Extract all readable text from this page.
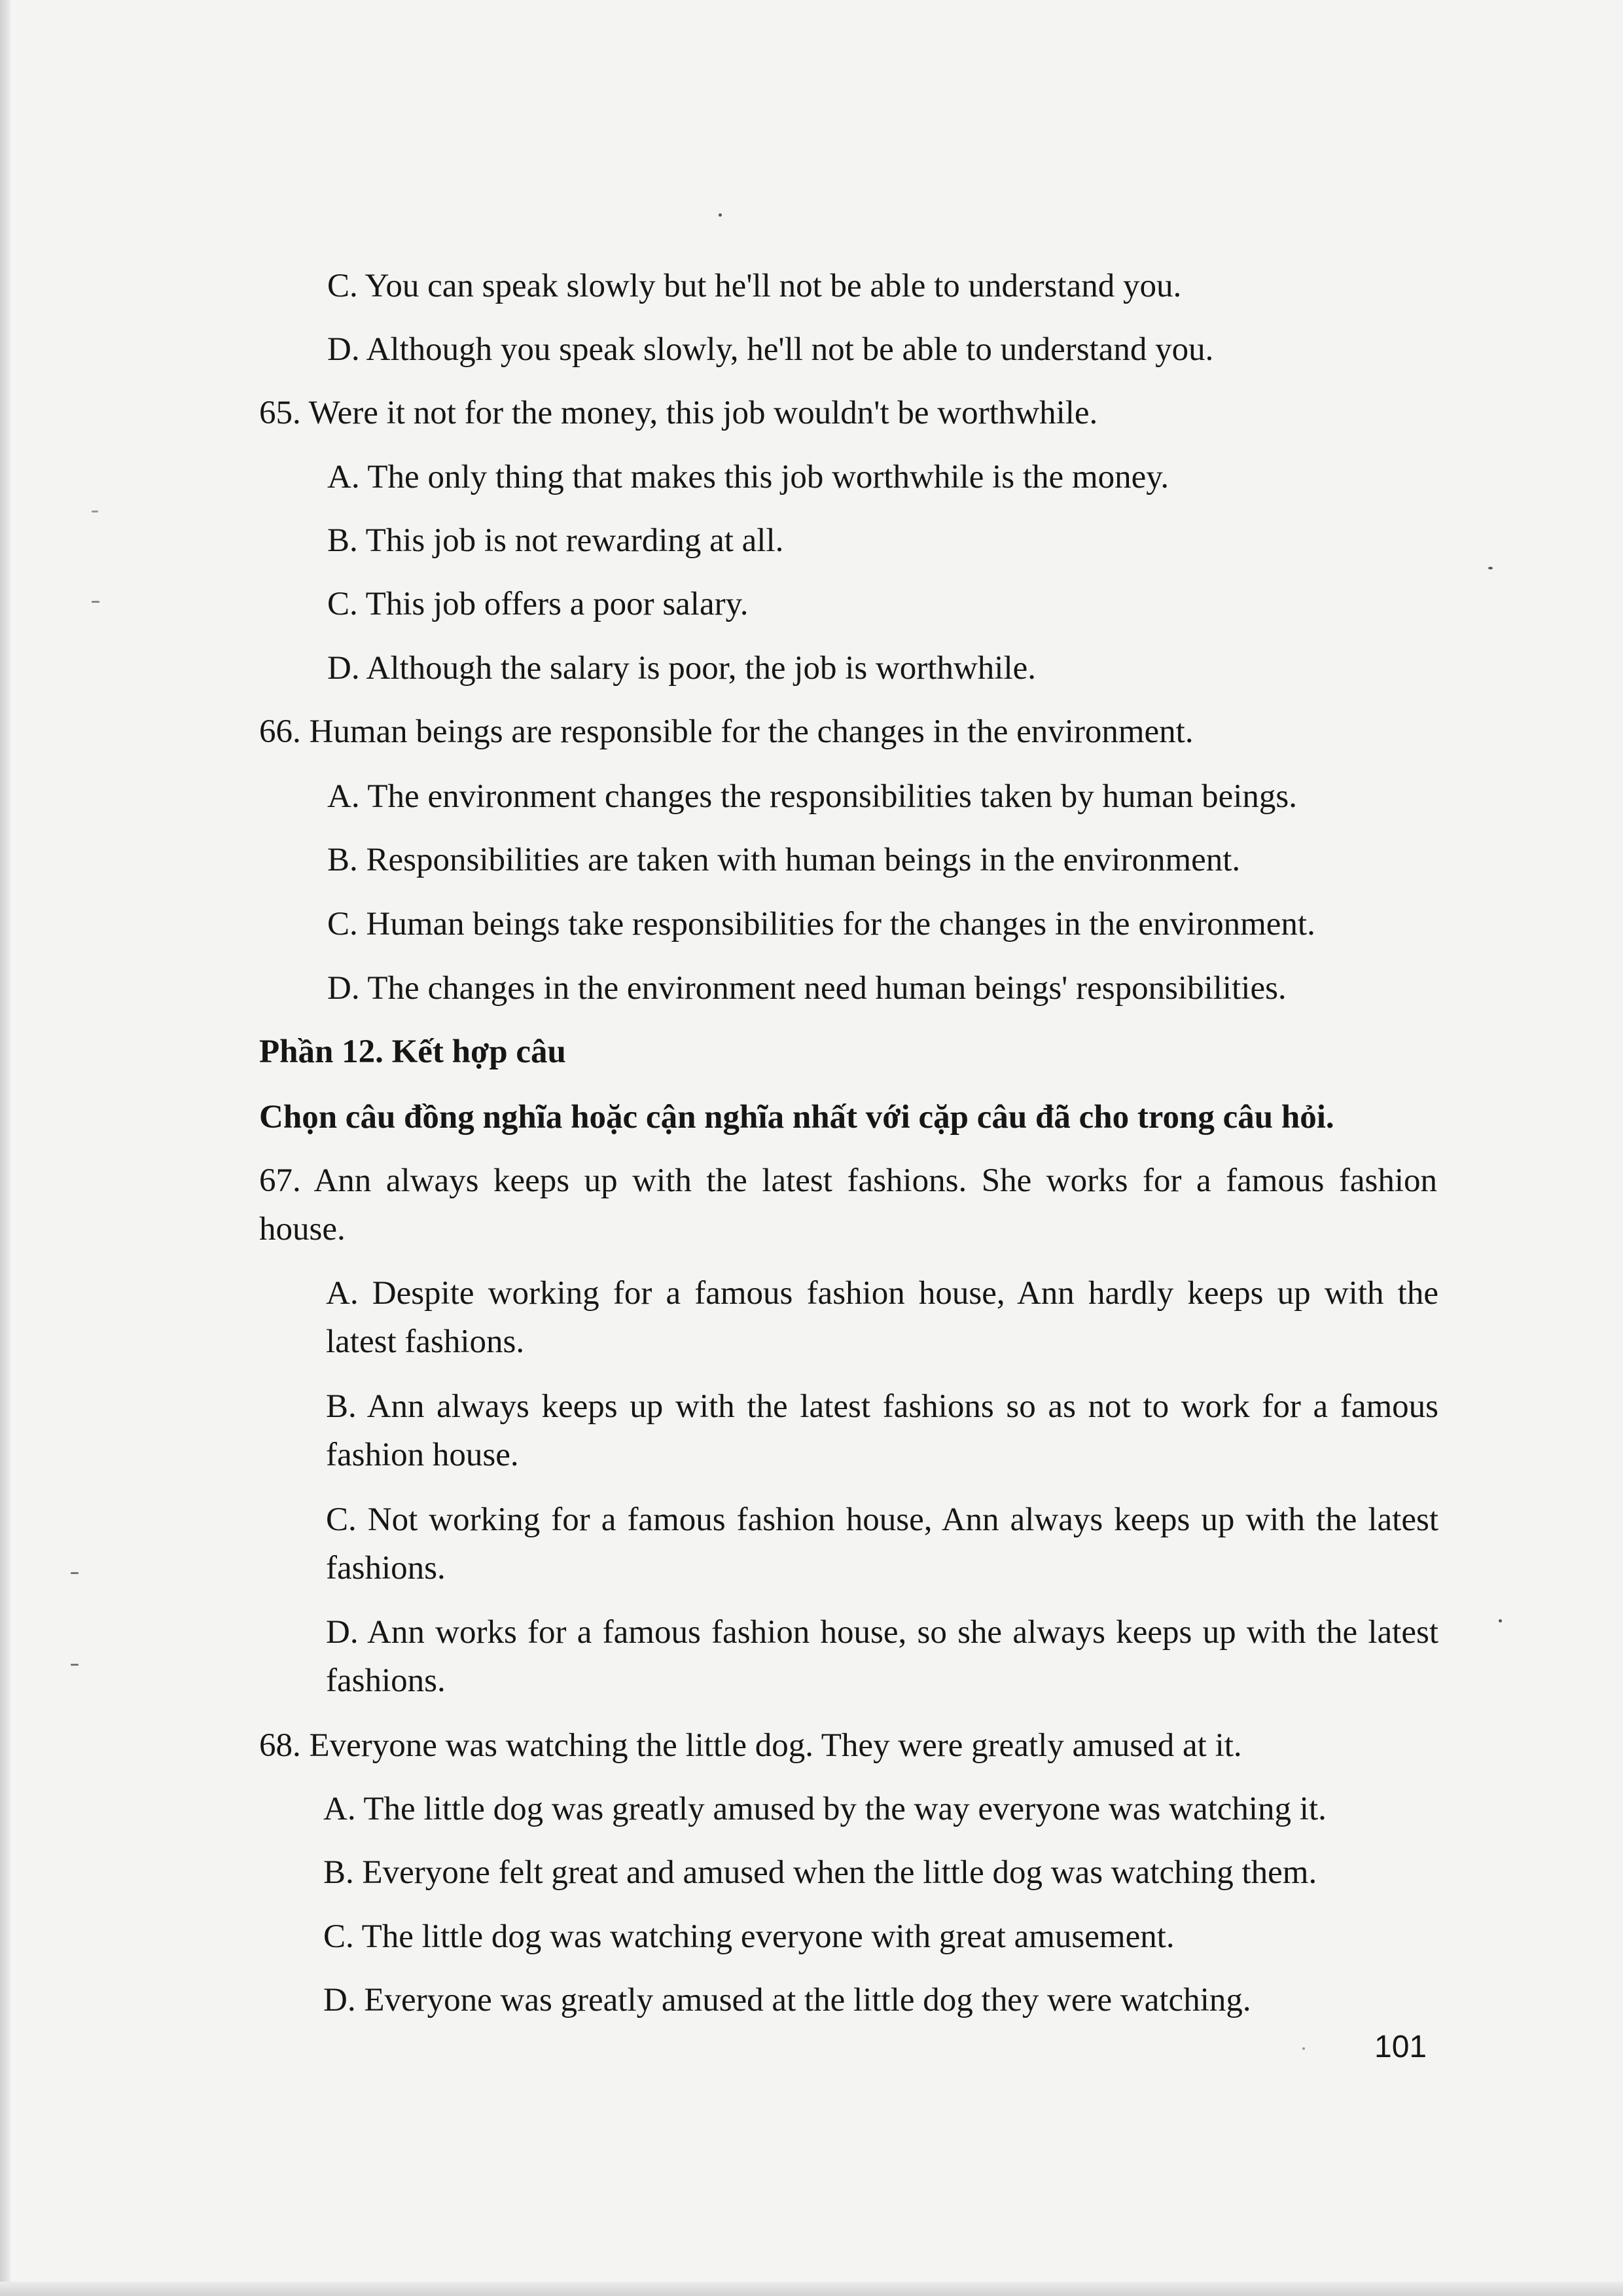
C. You can speak slowly but he'll not be able to understand you.
D. Although you speak slowly, he'll not be able to understand you.
65. Were it not for the money, this job wouldn't be worthwhile.
A. The only thing that makes this job worthwhile is the money.
B. This job is not rewarding at all.
C. This job offers a poor salary.
D. Although the salary is poor, the job is worthwhile.
66. Human beings are responsible for the changes in the environment.
A. The environment changes the responsibilities taken by human beings.
B. Responsibilities are taken with human beings in the environment.
C. Human beings take responsibilities for the changes in the environment.
D. The changes in the environment need human beings' responsibilities.
Phần 12. Kết hợp câu
Chọn câu đồng nghĩa hoặc cận nghĩa nhất với cặp câu đã cho trong câu hỏi.
67. Ann always keeps up with the latest fashions. She works for a famous fashion house.
A. Despite working for a famous fashion house, Ann hardly keeps up with the latest fashions.
B. Ann always keeps up with the latest fashions so as not to work for a famous fashion house.
C. Not working for a famous fashion house, Ann always keeps up with the latest fashions.
D. Ann works for a famous fashion house, so she always keeps up with the latest fashions.
68. Everyone was watching the little dog. They were greatly amused at it.
A. The little dog was greatly amused by the way everyone was watching it.
B. Everyone felt great and amused when the little dog was watching them.
C. The little dog was watching everyone with great amusement.
D. Everyone was greatly amused at the little dog they were watching.
101
